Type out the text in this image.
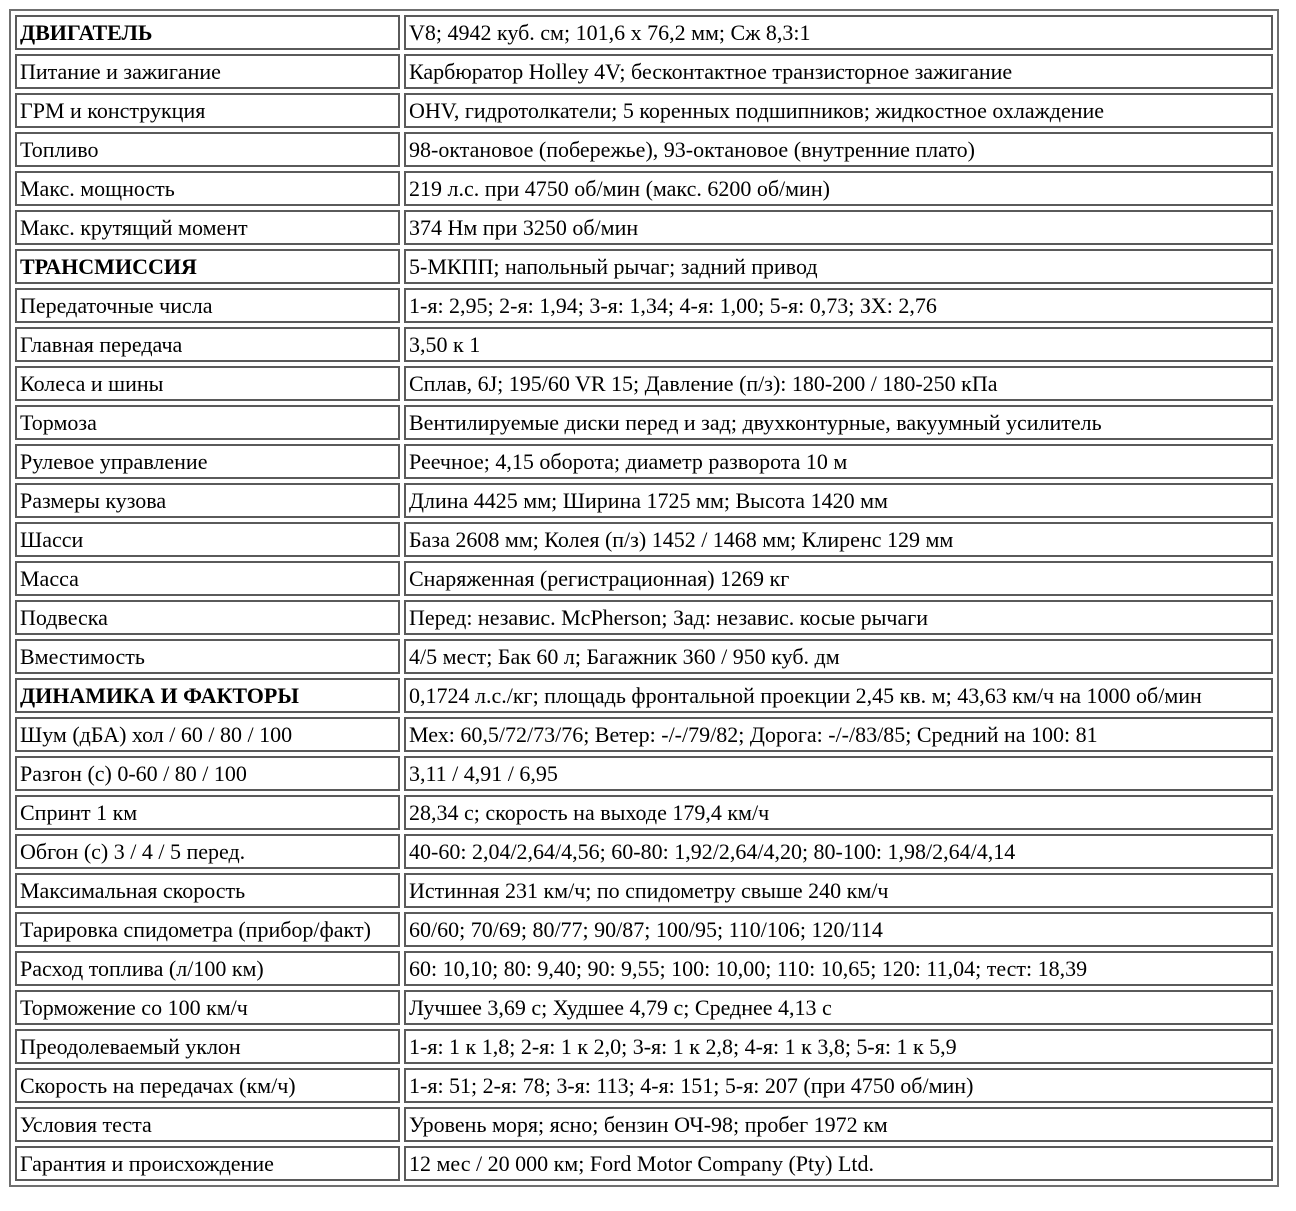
ДВИГАТЕЛЬ	V8; 4942 куб. см; 101,6 х 76,2 мм; Сж 8,3:1
Питание и зажигание	Карбюратор Holley 4V; бесконтактное транзисторное зажигание
ГРМ и конструкция	OHV, гидротолкатели; 5 коренных подшипников; жидкостное охлаждение
Топливо	98-октановое (побережье), 93-октановое (внутренние плато)
Макс. мощность	219 л.с. при 4750 об/мин (макс. 6200 об/мин)
Макс. крутящий момент	374 Нм при 3250 об/мин
ТРАНСМИССИЯ	5-МКПП; напольный рычаг; задний привод
Передаточные числа	1-я: 2,95; 2-я: 1,94; 3-я: 1,34; 4-я: 1,00; 5-я: 0,73; ЗХ: 2,76
Главная передача	3,50 к 1
Колеса и шины	Сплав, 6J; 195/60 VR 15; Давление (п/з): 180-200 / 180-250 кПа
Тормоза	Вентилируемые диски перед и зад; двухконтурные, вакуумный усилитель
Рулевое управление	Реечное; 4,15 оборота; диаметр разворота 10 м
Размеры кузова	Длина 4425 мм; Ширина 1725 мм; Высота 1420 мм
Шасси	База 2608 мм; Колея (п/з) 1452 / 1468 мм; Клиренс 129 мм
Масса	Снаряженная (регистрационная) 1269 кг
Подвеска	Перед: независ. McPherson; Зад: независ. косые рычаги
Вместимость	4/5 мест; Бак 60 л; Багажник 360 / 950 куб. дм
ДИНАМИКА И ФАКТОРЫ	0,1724 л.с./кг; площадь фронтальной проекции 2,45 кв. м; 43,63 км/ч на 1000 об/мин
Шум (дБА) хол / 60 / 80 / 100	Мех: 60,5/72/73/76; Ветер: -/-/79/82; Дорога: -/-/83/85; Средний на 100: 81
Разгон (с) 0-60 / 80 / 100	3,11 / 4,91 / 6,95
Спринт 1 км	28,34 с; скорость на выходе 179,4 км/ч
Обгон (с) 3 / 4 / 5 перед.	40-60: 2,04/2,64/4,56; 60-80: 1,92/2,64/4,20; 80-100: 1,98/2,64/4,14
Максимальная скорость	Истинная 231 км/ч; по спидометру свыше 240 км/ч
Тарировка спидометра (прибор/факт)	60/60; 70/69; 80/77; 90/87; 100/95; 110/106; 120/114
Расход топлива (л/100 км)	60: 10,10; 80: 9,40; 90: 9,55; 100: 10,00; 110: 10,65; 120: 11,04; тест: 18,39
Торможение со 100 км/ч	Лучшее 3,69 с; Худшее 4,79 с; Среднее 4,13 с
Преодолеваемый уклон	1-я: 1 к 1,8; 2-я: 1 к 2,0; 3-я: 1 к 2,8; 4-я: 1 к 3,8; 5-я: 1 к 5,9
Скорость на передачах (км/ч)	1-я: 51; 2-я: 78; 3-я: 113; 4-я: 151; 5-я: 207 (при 4750 об/мин)
Условия теста	Уровень моря; ясно; бензин ОЧ-98; пробег 1972 км
Гарантия и происхождение	12 мес / 20 000 км; Ford Motor Company (Pty) Ltd.
